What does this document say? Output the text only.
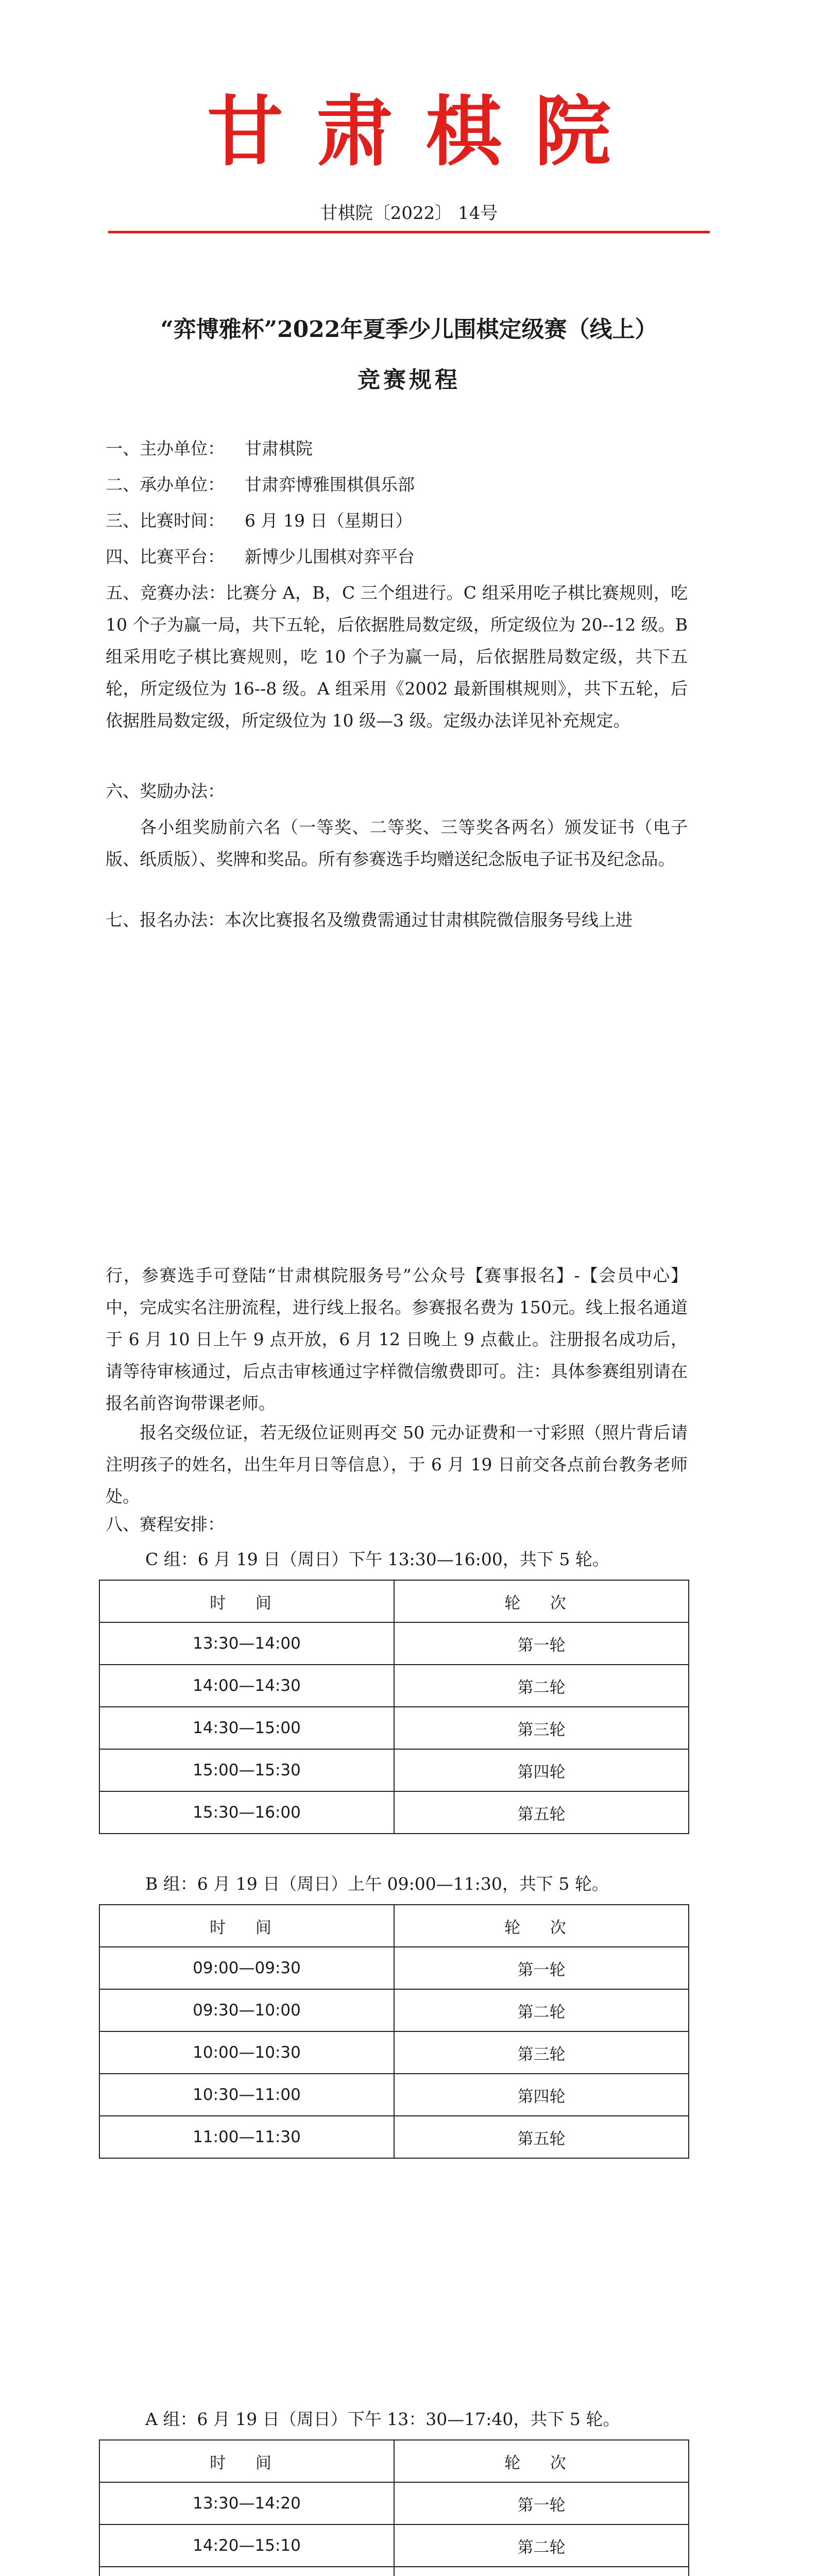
甘肃棋院
甘棋院〔2022〕 14号
“弈博雅杯”2022年夏季少儿围棋定级赛（线上）
竞赛规程
一、主办单位： 甘肃棋院
二、承办单位： 甘肃弈博雅围棋俱乐部
三、比赛时间： 6 月 19 日（星期日）
四、比赛平台： 新博少儿围棋对弈平台

五、竞赛办法：比赛分 A，B，C 三个组进行。C 组采用吃子棋比赛规则，吃 10 个子为赢一局，共下五轮，后依据胜局数定级，所定级位为 20--12 级。B 组采用吃子棋比赛规则，吃 10 个子为赢一局，后依据胜局数定级，共下五轮，所定级位为 16--8 级。A 组采用《2002 最新围棋规则》，共下五轮，后依据胜局数定级，所定级位为 10 级—3 级。定级办法详见补充规定。

六、奖励办法：

各小组奖励前六名（一等奖、二等奖、三等奖各两名）颁发证书（电子版、纸质版）、奖牌和奖品。所有参赛选手均赠送纪念版电子证书及纪念品。

七、报名办法：本次比赛报名及缴费需通过甘肃棋院微信服务号线上进

行，参赛选手可登陆“甘肃棋院服务号”公众号【赛事报名】-【会员中心】中，完成实名注册流程，进行线上报名。参赛报名费为 150元。线上报名通道于 6 月 10 日上午 9 点开放，6 月 12 日晚上 9 点截止。注册报名成功后，请等待审核通过，后点击审核通过字样微信缴费即可。注：具体参赛组别请在报名前咨询带课老师。

报名交级位证，若无级位证则再交 50 元办证费和一寸彩照（照片背后请注明孩子的姓名，出生年月日等信息），于 6 月 19 日前交各点前台教务老师处。

八、赛程安排：
C 组：6 月 19 日（周日）下午 13:30—16:00，共下 5 轮。
时 间	轮 次
13:30—14:00	第一轮
14:00—14:30	第二轮
14:30—15:00	第三轮
15:00—15:30	第四轮
15:30—16:00	第五轮
B 组：6 月 19 日（周日）上午 09:00—11:30，共下 5 轮。
时 间	轮 次
09:00—09:30	第一轮
09:30—10:00	第二轮
10:00—10:30	第三轮
10:30—11:00	第四轮
11:00—11:30	第五轮
A 组：6 月 19 日（周日）下午 13：30—17:40，共下 5 轮。
时 间	轮 次
13:30—14:20	第一轮
14:20—15:10	第二轮
